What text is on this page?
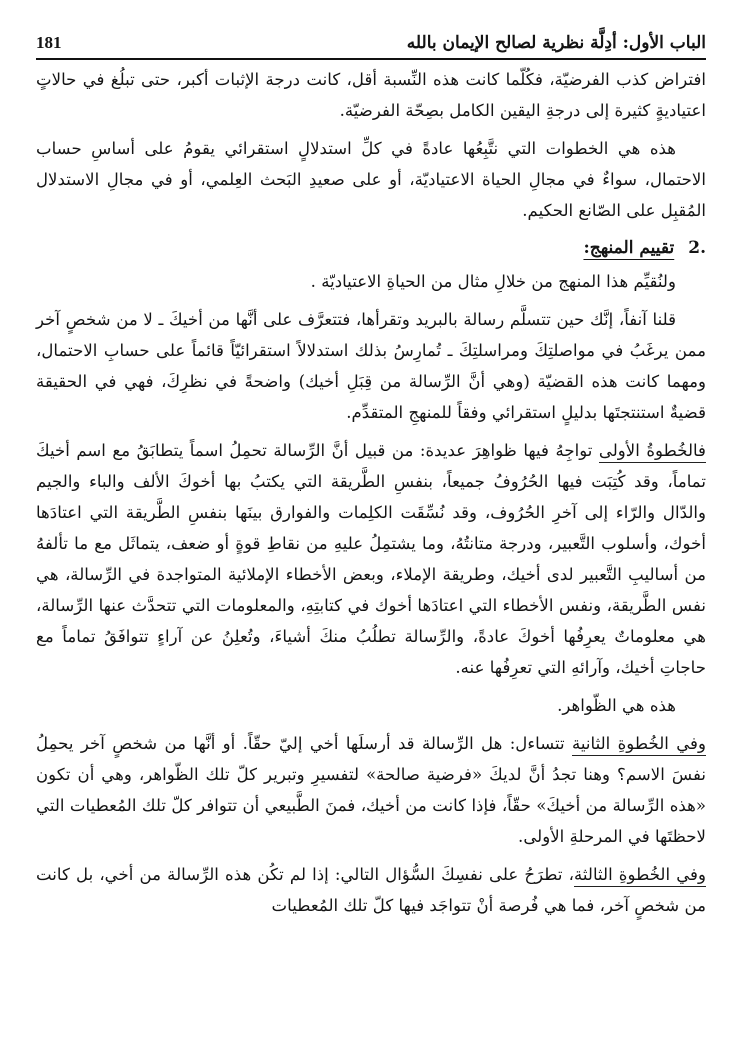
الباب الأول: أدِلَّة نظرية لصالح الإيمان بالله
181

افتراض كذب الفرضيّة، فكُلّما كانت هذه النِّسبة أقل، كانت درجة الإثبات أكبر، حتى تبلُغ في حالاتٍ اعتياديةٍ كثيرة إلى درجةِ اليقين الكامل بصِحّة الفرضيّة.

هذه هي الخطوات التي نتَّبِعُها عادةً في كلِّ استدلالٍ استقرائي يقومُ على أساسِ حساب الاحتمال، سواءٌ في مجالِ الحياة الاعتياديّة، أو على صعيدِ البَحث العِلمي، أو في مجالِ الاستدلال المُقبِل على الصّانع الحكيم.

2.تقييم المنهج:

ولنُقيِّم هذا المنهج من خلالِ مثال من الحياةِ الاعتياديّة .

قلنا آنفاً، إنَّك حين تتسلَّم رسالة بالبريد وتقرأها، فتتعرَّف على أنَّها من أخيكَ ـ لا من شخصٍ آخر ممن يرغَبُ في مواصلتِكَ ومراسلتِكَ ـ تُمارِسُ بذلك استدلالاً استقرائيّاً قائماً على حسابِ الاحتمال، ومهما كانت هذه القضيّة (وهي أنَّ الرِّسالة من قِبَلِ أخيك) واضحةً في نظرِكَ، فهي في الحقيقة قضيةٌ استنتجتَها بدليلٍ استقرائي وفقاً للمنهجِ المتقدِّم.

فالخُطوةُ الأولى تواجِهُ فيها ظواهِرَ عديدة: من قبيل أنَّ الرِّسالة تحمِلُ اسماً يتطابَقُ مع اسم أخيكَ تماماً، وقد كُتِبَت فيها الحُرُوفُ جميعاً، بنفسِ الطَّريقة التي يكتبُ بها أخوكَ الألف والباء والجيم والدّال والرّاء إلى آخرِ الحُرُوف، وقد نُسِّقَت الكلِمات والفوارق بينَها بنفسِ الطَّريقة التي اعتادَها أخوك، وأسلوب التَّعبير، ودرجة متانتُهُ، وما يشتمِلُ عليهِ من نقاطِ قوةٍ أو ضعف، يتماثَل مع ما تألفهُ من أساليبِ التَّعبير لدى أخيك، وطريقة الإملاء، وبعض الأخطاء الإملائية المتواجدة في الرِّسالة، هي نفس الطَّريقة، ونفس الأخطاء التي اعتادَها أخوك في كتابتِهِ، والمعلومات التي تتحدَّث عنها الرِّسالة، هي معلوماتٌ يعرِفُها أخوكَ عادةً، والرِّسالة تطلُبُ منكَ أشياءَ، وتُعلِنُ عن آراءٍ تتوافَقُ تماماً مع حاجاتِ أخيك، وآرائهِ التي تعرِفُها عنه.

هذه هي الظّواهر.

وفي الخُطوةِ الثانية تتساءل: هل الرِّسالة قد أرسلَها أخي إليّ حقّاً. أو أنَّها من شخصٍ آخر يحمِلُ نفسَ الاسم؟ وهنا تجدُ أنَّ لديكَ «فرضية صالحة» لتفسيرِ وتبرير كلّ تلك الظّواهر، وهي أن تكون «هذه الرِّسالة من أخيكَ» حقّاً، فإذا كانت من أخيك، فمنَ الطَّبيعي أن تتوافر كلّ تلك المُعطيات التي لاحظتَها في المرحلةِ الأولى.

وفي الخُطوةِ الثالثة، تطرَحُ على نفسِكَ السُّؤال التالي: إذا لم تكُن هذه الرِّسالة من أخي، بل كانت من شخصٍ آخر، فما هي فُرصة أنْ تتواجَد فيها كلّ تلك المُعطيات
